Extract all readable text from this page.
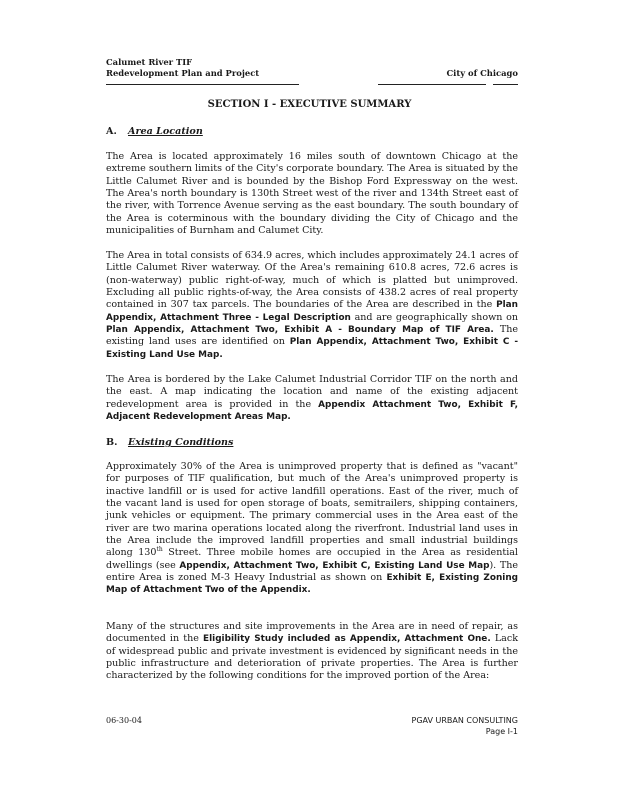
Calumet River TIF
Redevelopment Plan and Project	City of Chicago
SECTION I - EXECUTIVE SUMMARY
A. Area Location

The Area is located approximately 16 miles south of downtown Chicago at the extreme southern limits of the City's corporate boundary. The Area is situated by the Little Calumet River and is bounded by the Bishop Ford Expressway on the west. The Area's north boundary is 130th Street west of the river and 134th Street east of the river, with Torrence Avenue serving as the east boundary. The south boundary of the Area is coterminous with the boundary dividing the City of Chicago and the municipalities of Burnham and Calumet City.

The Area in total consists of 634.9 acres, which includes approximately 24.1 acres of Little Calumet River waterway. Of the Area's remaining 610.8 acres, 72.6 acres is (non-waterway) public right-of-way, much of which is platted but unimproved. Excluding all public rights-of-way, the Area consists of 438.2 acres of real property contained in 307 tax parcels. The boundaries of the Area are described in the Plan Appendix, Attachment Three - Legal Description and are geographically shown on Plan Appendix, Attachment Two, Exhibit A - Boundary Map of TIF Area. The existing land uses are identified on Plan Appendix, Attachment Two, Exhibit C - Existing Land Use Map.

The Area is bordered by the Lake Calumet Industrial Corridor TIF on the north and the east. A map indicating the location and name of the existing adjacent redevelopment area is provided in the Appendix Attachment Two, Exhibit F, Adjacent Redevelopment Areas Map.

B. Existing Conditions

Approximately 30% of the Area is unimproved property that is defined as "vacant" for purposes of TIF qualification, but much of the Area's unimproved property is inactive landfill or is used for active landfill operations. East of the river, much of the vacant land is used for open storage of boats, semitrailers, shipping containers, junk vehicles or equipment. The primary commercial uses in the Area east of the river are two marina operations located along the riverfront. Industrial land uses in the Area include the improved landfill properties and small industrial buildings along 130th Street. Three mobile homes are occupied in the Area as residential dwellings (see Appendix, Attachment Two, Exhibit C, Existing Land Use Map). The entire Area is zoned M-3 Heavy Industrial as shown on Exhibit E, Existing Zoning Map of Attachment Two of the Appendix.

Many of the structures and site improvements in the Area are in need of repair, as documented in the Eligibility Study included as Appendix, Attachment One. Lack of widespread public and private investment is evidenced by significant needs in the public infrastructure and deterioration of private properties. The Area is further characterized by the following conditions for the improved portion of the Area:

06-30-04	PGAV URBAN CONSULTING
Page I-1
